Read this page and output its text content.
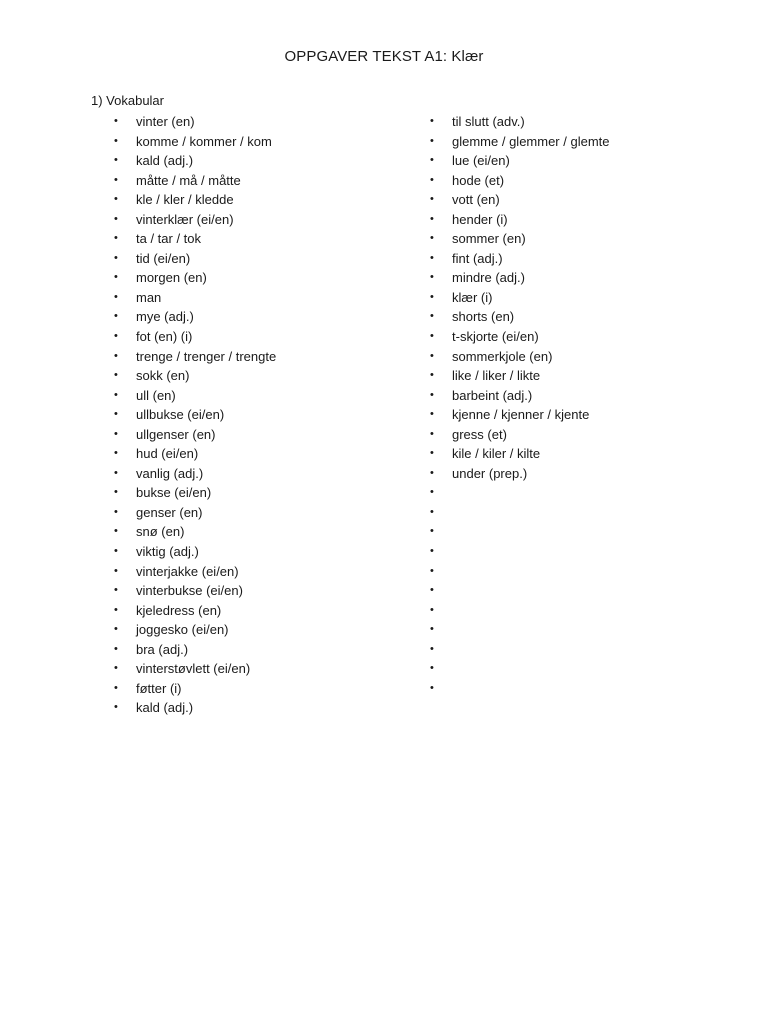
OPPGAVER TEKST A1: Klær
1) Vokabular
• vinter (en)
• komme / kommer / kom
• kald (adj.)
• måtte / må / måtte
• kle / kler / kledde
• vinterklær (ei/en)
• ta / tar / tok
• tid (ei/en)
• morgen (en)
• man
• mye (adj.)
• fot (en) (i)
• trenge / trenger / trengte
• sokk (en)
• ull (en)
• ullbukse (ei/en)
• ullgenser (en)
• hud (ei/en)
• vanlig (adj.)
• bukse (ei/en)
• genser (en)
• snø (en)
• viktig (adj.)
• vinterjakke (ei/en)
• vinterbukse (ei/en)
• kjeledress (en)
• joggesko (ei/en)
• bra (adj.)
• vinterstøvlett (ei/en)
• føtter (i)
• kald (adj.)
• til slutt (adv.)
• glemme / glemmer / glemte
• lue (ei/en)
• hode (et)
• vott (en)
• hender (i)
• sommer (en)
• fint (adj.)
• mindre (adj.)
• klær (i)
• shorts (en)
• t-skjorte (ei/en)
• sommerkjole (en)
• like / liker / likte
• barbeint (adj.)
• kjenne / kjenner / kjente
• gress (et)
• kile / kiler / kilte
• under (prep.)
•
•
•
•
•
•
•
•
•
•
•
